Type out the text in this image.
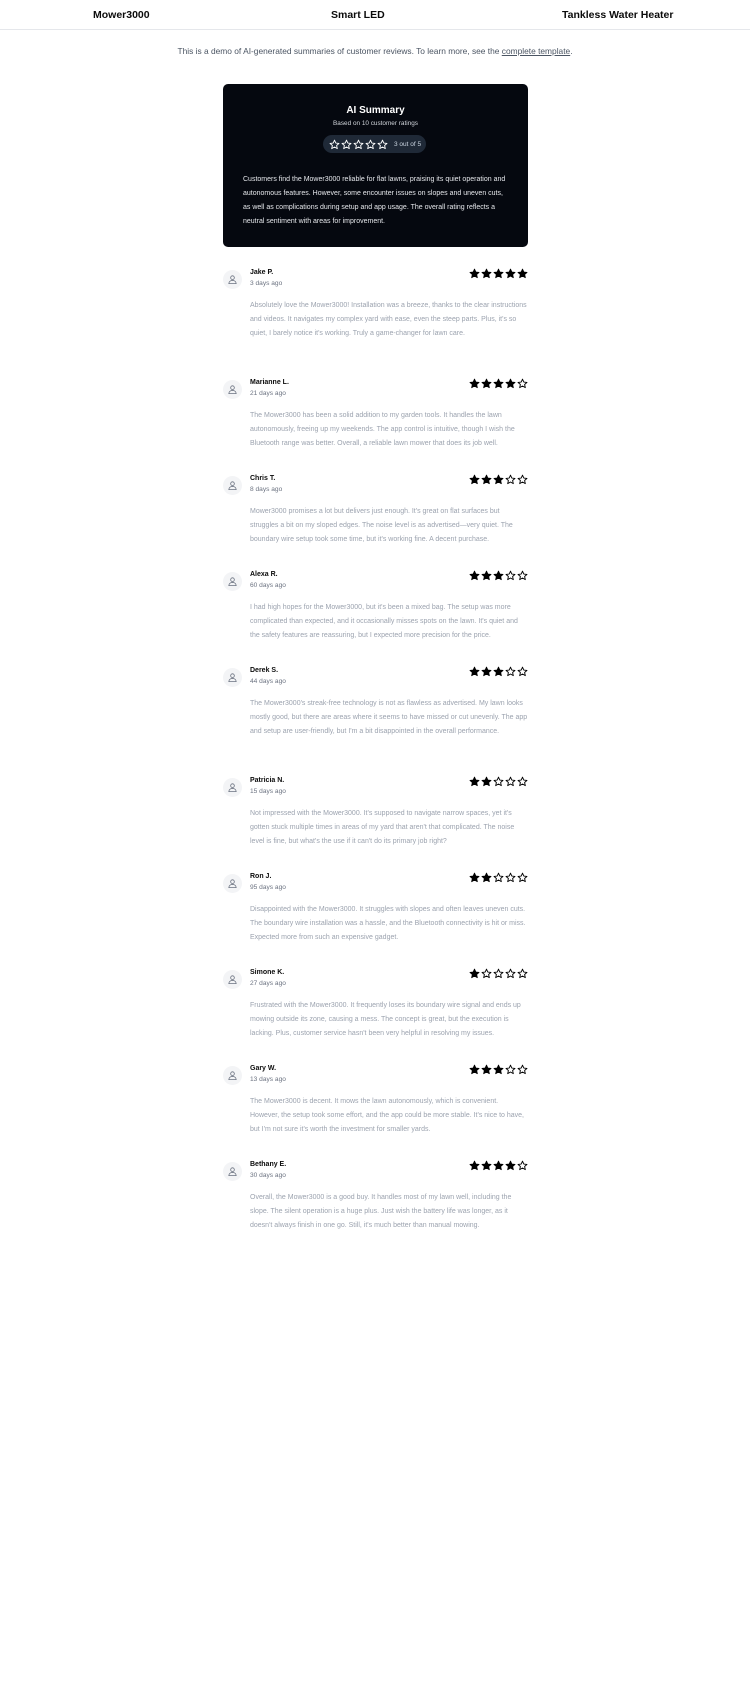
Mower3000	Smart LED	Tankless Water Heater

This is a demo of AI-generated summaries of customer reviews. To learn more, see the complete template.

AI Summary
Based on 10 customer ratings
3 out of 5

Customers find the Mower3000 reliable for flat lawns, praising its quiet operation and autonomous features. However, some encounter issues on slopes and uneven cuts, as well as complications during setup and app usage. The overall rating reflects a neutral sentiment with areas for improvement.

Jake P.
3 days ago

Absolutely love the Mower3000! Installation was a breeze, thanks to the clear instructions and videos. It navigates my complex yard with ease, even the steep parts. Plus, it's so quiet, I barely notice it's working. Truly a game-changer for lawn care.

Marianne L.
21 days ago

The Mower3000 has been a solid addition to my garden tools. It handles the lawn autonomously, freeing up my weekends. The app control is intuitive, though I wish the Bluetooth range was better. Overall, a reliable lawn mower that does its job well.

Chris T.
8 days ago

Mower3000 promises a lot but delivers just enough. It's great on flat surfaces but struggles a bit on my sloped edges. The noise level is as advertised—very quiet. The boundary wire setup took some time, but it's working fine. A decent purchase.

Alexa R.
60 days ago

I had high hopes for the Mower3000, but it's been a mixed bag. The setup was more complicated than expected, and it occasionally misses spots on the lawn. It's quiet and the safety features are reassuring, but I expected more precision for the price.

Derek S.
44 days ago

The Mower3000's streak-free technology is not as flawless as advertised. My lawn looks mostly good, but there are areas where it seems to have missed or cut unevenly. The app and setup are user-friendly, but I'm a bit disappointed in the overall performance.

Patricia N.
15 days ago

Not impressed with the Mower3000. It's supposed to navigate narrow spaces, yet it's gotten stuck multiple times in areas of my yard that aren't that complicated. The noise level is fine, but what's the use if it can't do its primary job right?

Ron J.
95 days ago

Disappointed with the Mower3000. It struggles with slopes and often leaves uneven cuts. The boundary wire installation was a hassle, and the Bluetooth connectivity is hit or miss. Expected more from such an expensive gadget.

Simone K.
27 days ago

Frustrated with the Mower3000. It frequently loses its boundary wire signal and ends up mowing outside its zone, causing a mess. The concept is great, but the execution is lacking. Plus, customer service hasn't been very helpful in resolving my issues.

Gary W.
13 days ago

The Mower3000 is decent. It mows the lawn autonomously, which is convenient. However, the setup took some effort, and the app could be more stable. It's nice to have, but I'm not sure it's worth the investment for smaller yards.

Bethany E.
30 days ago

Overall, the Mower3000 is a good buy. It handles most of my lawn well, including the slope. The silent operation is a huge plus. Just wish the battery life was longer, as it doesn't always finish in one go. Still, it's much better than manual mowing.
